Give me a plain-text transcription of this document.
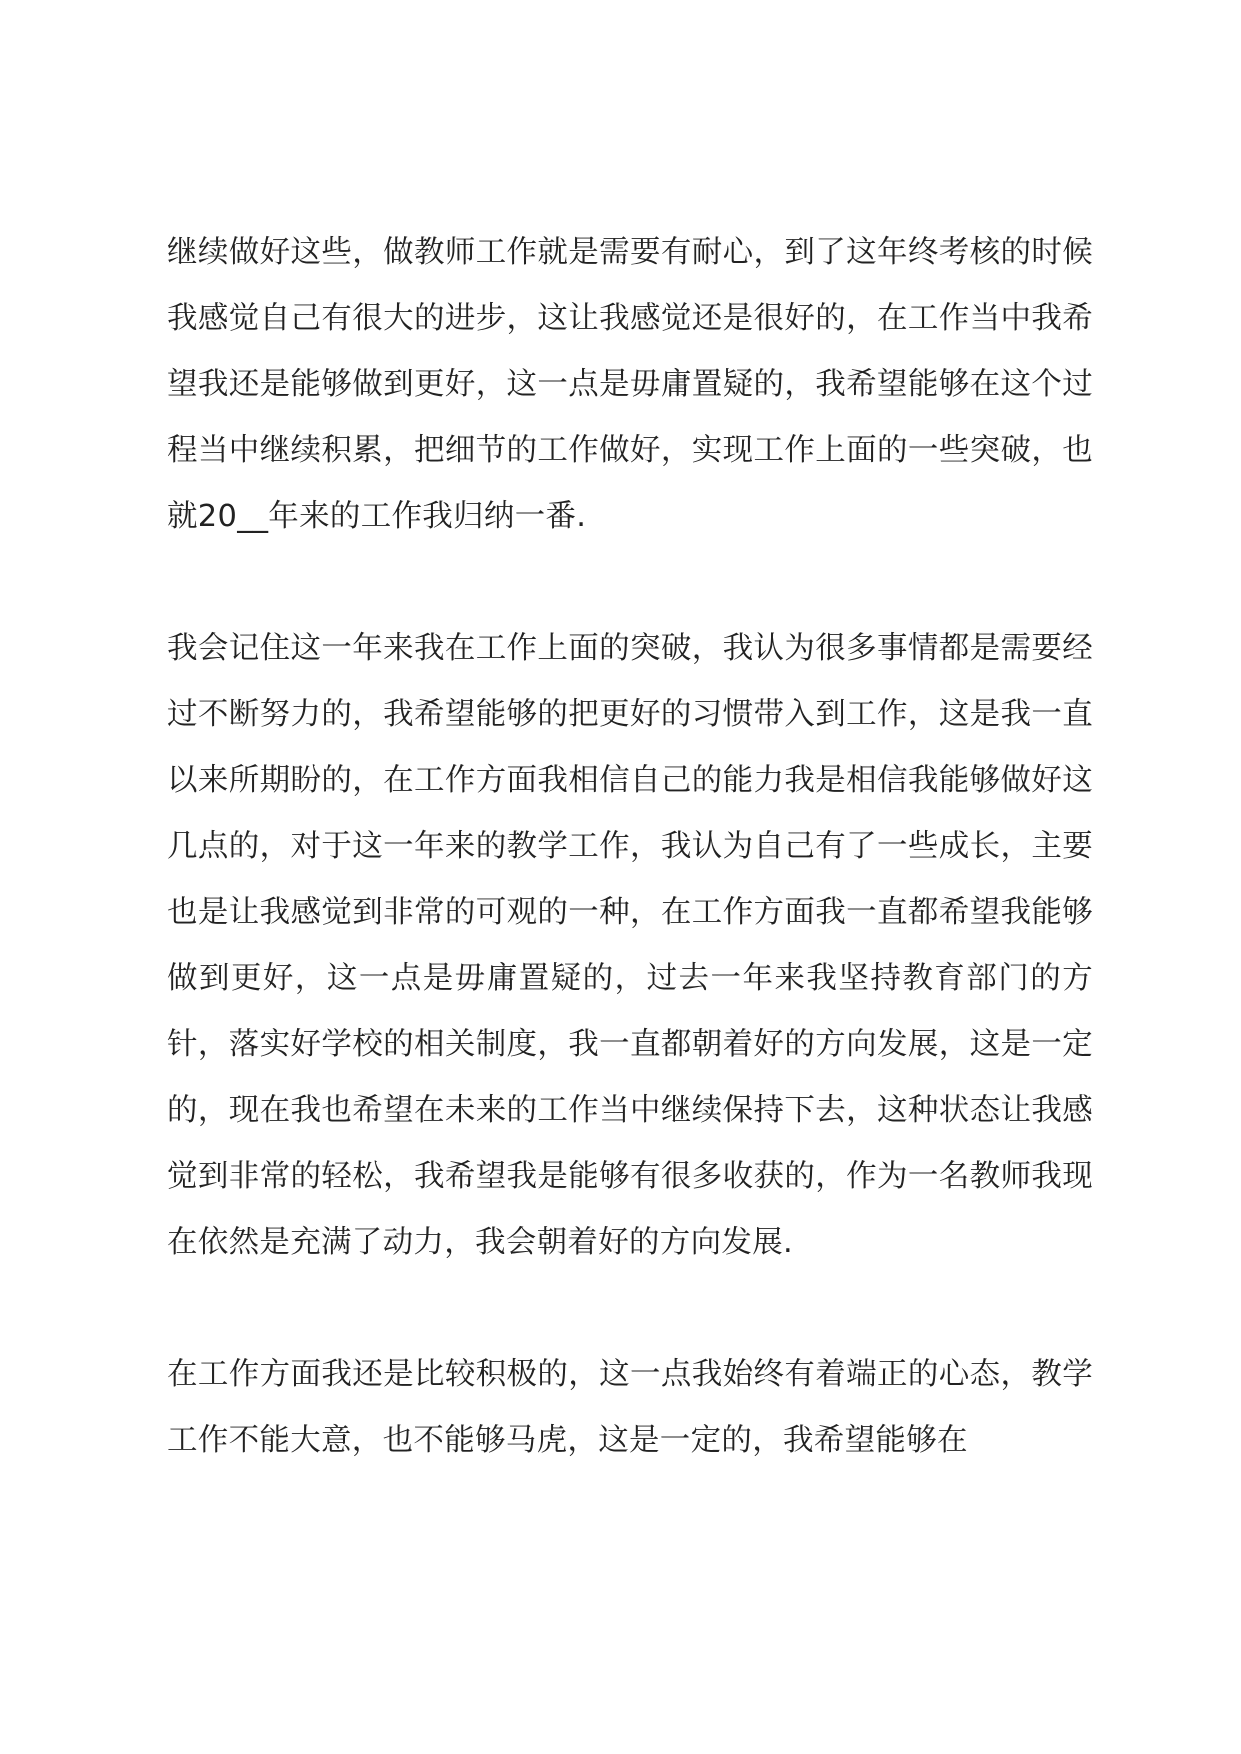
继续做好这些，做教师工作就是需要有耐心，到了这年终考核的时候我感觉自己有很大的进步，这让我感觉还是很好的，在工作当中我希望我还是能够做到更好，这一点是毋庸置疑的，我希望能够在这个过程当中继续积累，把细节的工作做好，实现工作上面的一些突破，也就20__年来的工作我归纳一番.

我会记住这一年来我在工作上面的突破，我认为很多事情都是需要经过不断努力的，我希望能够的把更好的习惯带入到工作，这是我一直以来所期盼的，在工作方面我相信自己的能力我是相信我能够做好这几点的，对于这一年来的教学工作，我认为自己有了一些成长，主要也是让我感觉到非常的可观的一种，在工作方面我一直都希望我能够做到更好，这一点是毋庸置疑的，过去一年来我坚持教育部门的方针，落实好学校的相关制度，我一直都朝着好的方向发展，这是一定的，现在我也希望在未来的工作当中继续保持下去，这种状态让我感觉到非常的轻松，我希望我是能够有很多收获的，作为一名教师我现在依然是充满了动力，我会朝着好的方向发展.

在工作方面我还是比较积极的，这一点我始终有着端正的心态，教学工作不能大意，也不能够马虎，这是一定的，我希望能够在
